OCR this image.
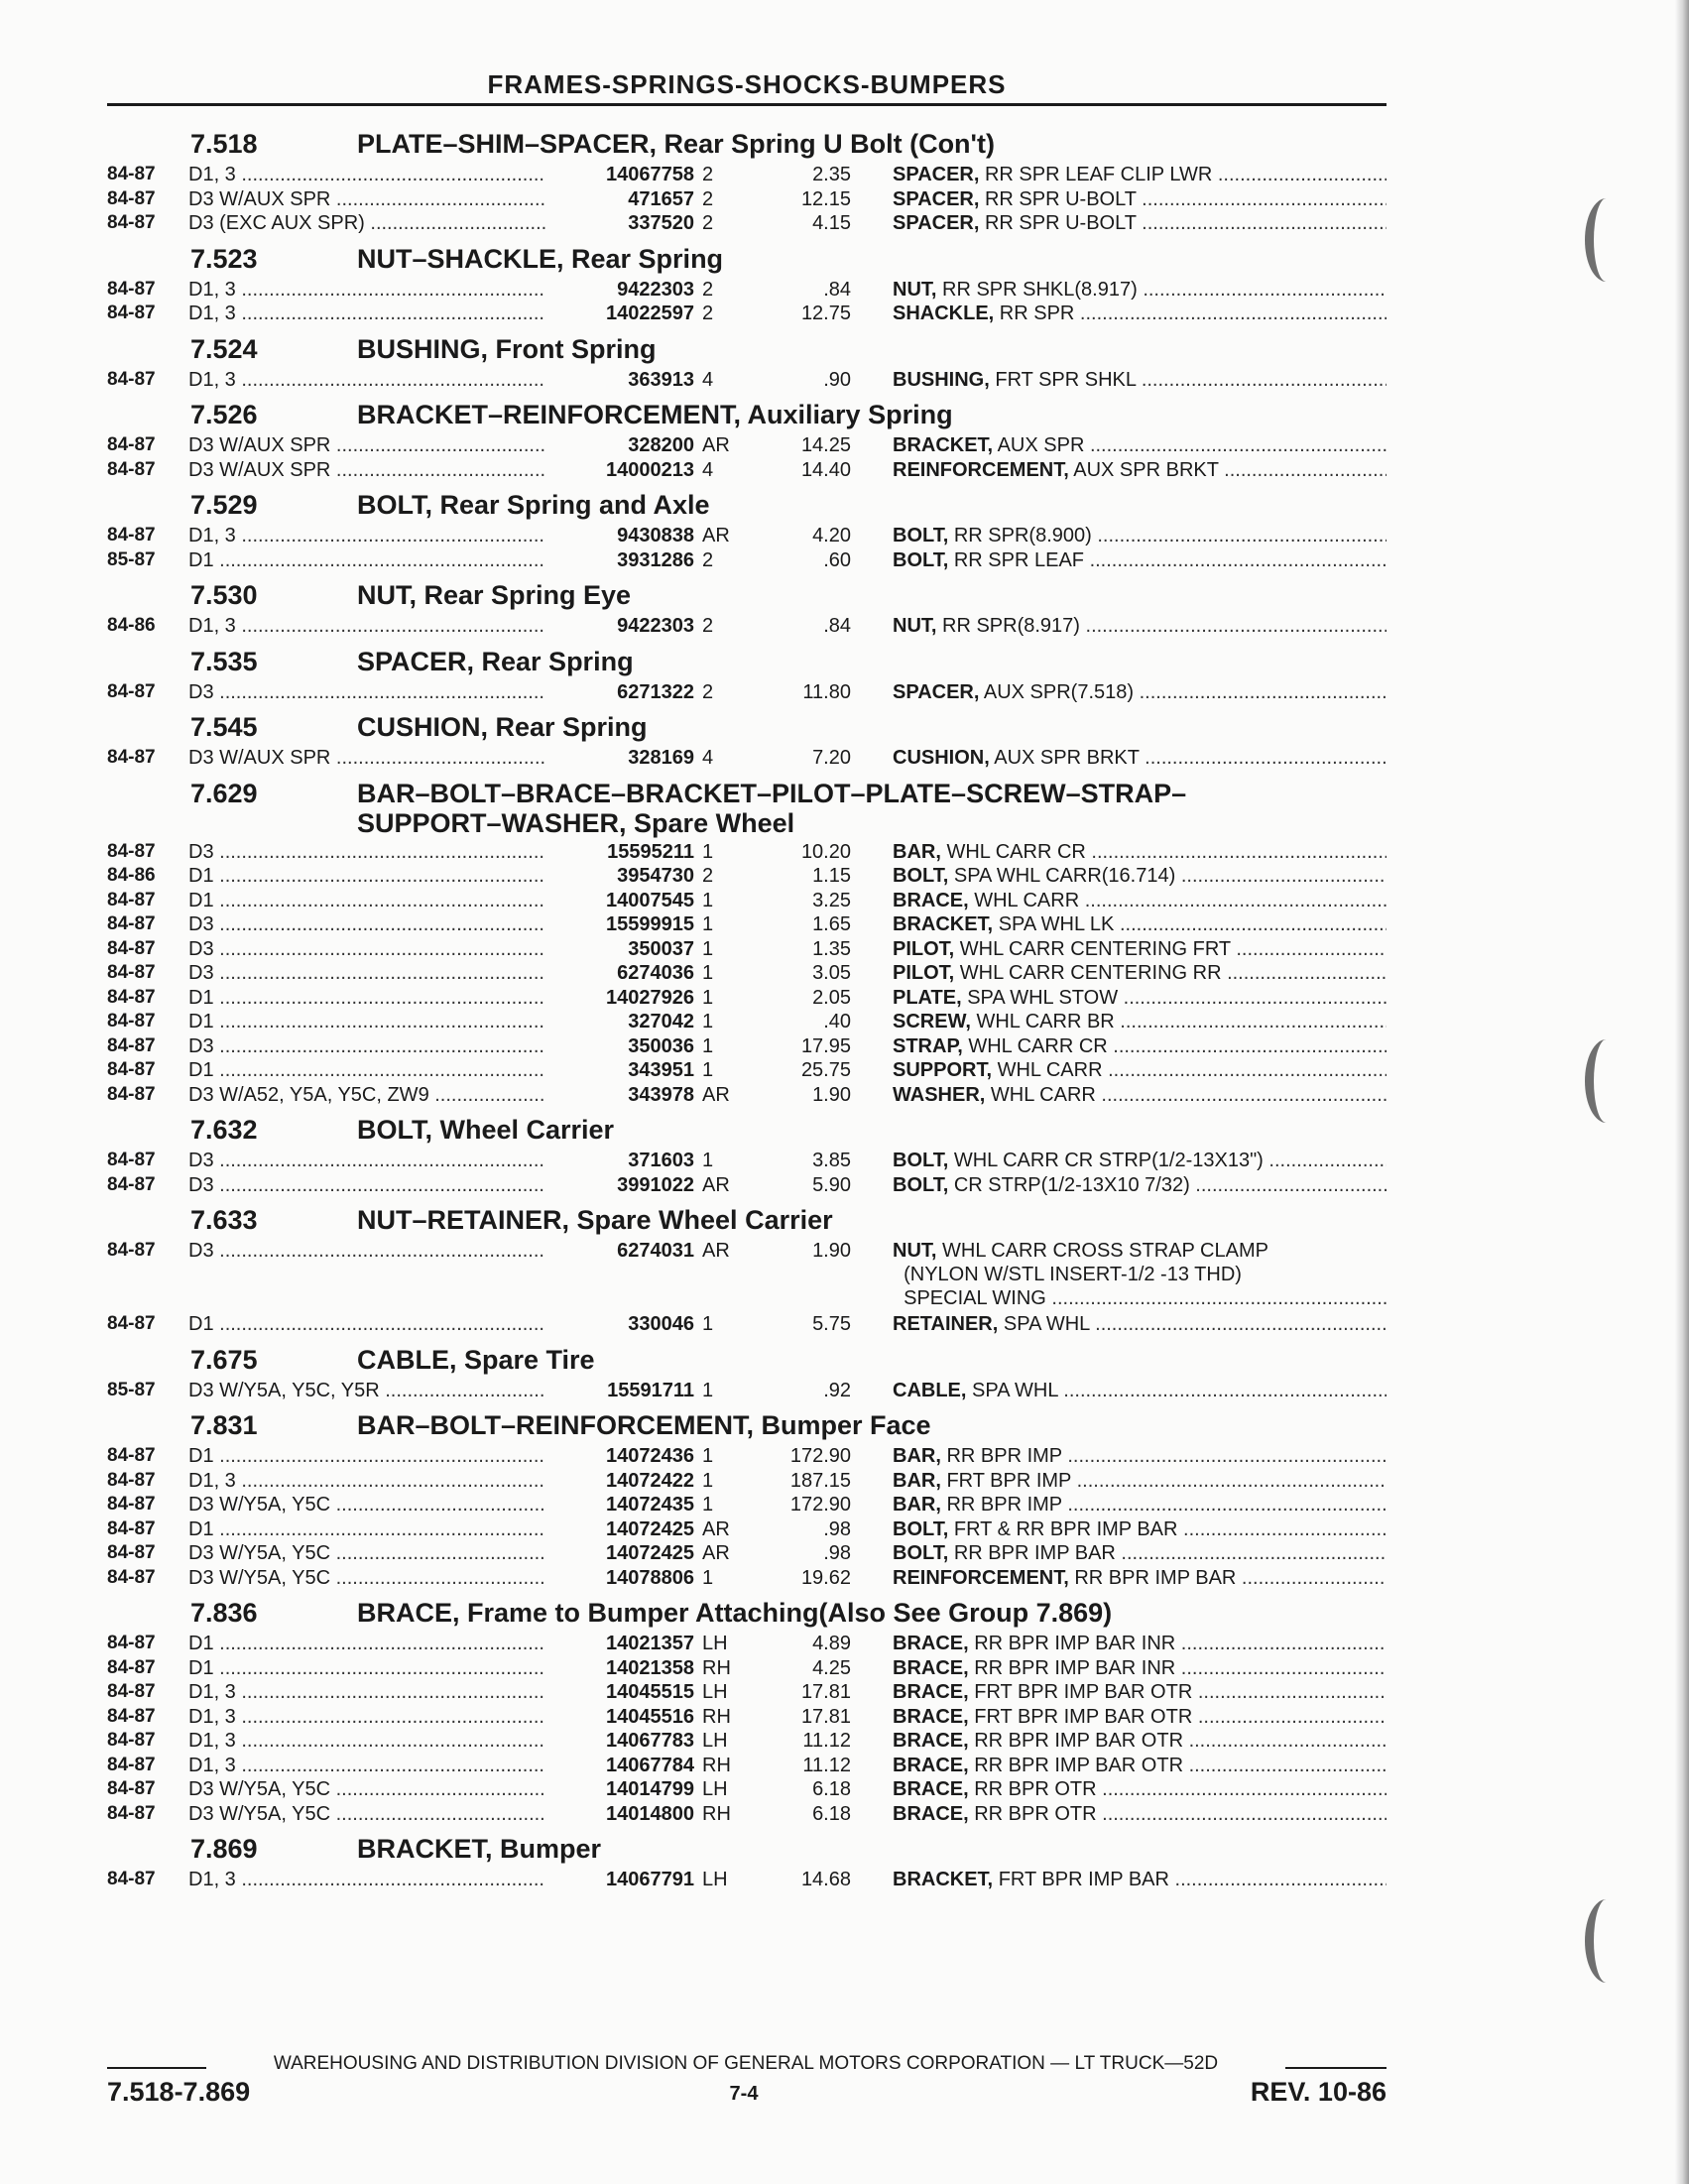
FRAMES-SPRINGS-SHOCKS-BUMPERS
7.518	PLATE–SHIM–SPACER, Rear Spring U Bolt (Con't)
84-87	D1, 3 .....	14067758 2	2.35 SPACER, RR SPR LEAF CLIP LWR .....
84-87	D3 W/AUX SPR .....	471657 2	12.15 SPACER, RR SPR U-BOLT .....
84-87	D3 (EXC AUX SPR) .....	337520 2	4.15 SPACER, RR SPR U-BOLT .....
7.523	NUT–SHACKLE, Rear Spring
84-87	D1, 3 .....	9422303 2	.84 NUT, RR SPR SHKL(8.917) .....
84-87	D1, 3 .....	14022597 2	12.75 SHACKLE, RR SPR .....
7.524	BUSHING, Front Spring
84-87	D1, 3 .....	363913 4	.90 BUSHING, FRT SPR SHKL .....
7.526	BRACKET–REINFORCEMENT, Auxiliary Spring
84-87	D3 W/AUX SPR .....	328200 AR	14.25 BRACKET, AUX SPR .....
84-87	D3 W/AUX SPR .....	14000213 4	14.40 REINFORCEMENT, AUX SPR BRKT .....
7.529	BOLT, Rear Spring and Axle
84-87	D1, 3 .....	9430838 AR	4.20 BOLT, RR SPR(8.900) .....
85-87	D1 .....	3931286 2	.60 BOLT, RR SPR LEAF .....
7.530	NUT, Rear Spring Eye
84-86	D1, 3 .....	9422303 2	.84 NUT, RR SPR(8.917) .....
7.535	SPACER, Rear Spring
84-87	D3 .....	6271322 2	11.80 SPACER, AUX SPR(7.518) .....
7.545	CUSHION, Rear Spring
84-87	D3 W/AUX SPR .....	328169 4	7.20 CUSHION, AUX SPR BRKT .....
7.629	BAR–BOLT–BRACE–BRACKET–PILOT–PLATE–SCREW–STRAP–
SUPPORT–WASHER, Spare Wheel
84-87	D3 .....	15595211 1	10.20 BAR, WHL CARR CR .....
84-86	D1 .....	3954730 2	1.15 BOLT, SPA WHL CARR(16.714) .....
84-87	D1 .....	14007545 1	3.25 BRACE, WHL CARR .....
84-87	D3 .....	15599915 1	1.65 BRACKET, SPA WHL LK .....
84-87	D3 .....	350037 1	1.35 PILOT, WHL CARR CENTERING FRT .....
84-87	D3 .....	6274036 1	3.05 PILOT, WHL CARR CENTERING RR .....
84-87	D1 .....	14027926 1	2.05 PLATE, SPA WHL STOW .....
84-87	D1 .....	327042 1	.40 SCREW, WHL CARR BR .....
84-87	D3 .....	350036 1	17.95 STRAP, WHL CARR CR .....
84-87	D1 .....	343951 1	25.75 SUPPORT, WHL CARR .....
84-87	D3 W/A52, Y5A, Y5C, ZW9 .....	343978 AR	1.90 WASHER, WHL CARR .....
7.632	BOLT, Wheel Carrier
84-87	D3 .....	371603 1	3.85 BOLT, WHL CARR CR STRP(1/2-13X13") .....
84-87	D3 .....	3991022 AR	5.90 BOLT, CR STRP(1/2-13X10 7/32) .....
7.633	NUT–RETAINER, Spare Wheel Carrier
84-87	D3 .....	6274031 AR	1.90 NUT, WHL CARR CROSS STRAP CLAMP
(NYLON W/STL INSERT-1/2 -13 THD)
SPECIAL WING .....
84-87	D1 .....	330046 1	5.75 RETAINER, SPA WHL .....
7.675	CABLE, Spare Tire
85-87	D3 W/Y5A, Y5C, Y5R .....	15591711 1	.92 CABLE, SPA WHL .....
7.831	BAR–BOLT–REINFORCEMENT, Bumper Face
84-87	D1 .....	14072436 1	172.90 BAR, RR BPR IMP .....
84-87	D1, 3 .....	14072422 1	187.15 BAR, FRT BPR IMP .....
84-87	D3 W/Y5A, Y5C .....	14072435 1	172.90 BAR, RR BPR IMP .....
84-87	D1 .....	14072425 AR	.98 BOLT, FRT & RR BPR IMP BAR .....
84-87	D3 W/Y5A, Y5C .....	14072425 AR	.98 BOLT, RR BPR IMP BAR .....
84-87	D3 W/Y5A, Y5C .....	14078806 1	19.62 REINFORCEMENT, RR BPR IMP BAR .....
7.836	BRACE, Frame to Bumper Attaching(Also See Group 7.869)
84-87	D1 .....	14021357 LH	4.89 BRACE, RR BPR IMP BAR INR .....
84-87	D1 .....	14021358 RH	4.25 BRACE, RR BPR IMP BAR INR .....
84-87	D1, 3 .....	14045515 LH	17.81 BRACE, FRT BPR IMP BAR OTR .....
84-87	D1, 3 .....	14045516 RH	17.81 BRACE, FRT BPR IMP BAR OTR .....
84-87	D1, 3 .....	14067783 LH	11.12 BRACE, RR BPR IMP BAR OTR .....
84-87	D1, 3 .....	14067784 RH	11.12 BRACE, RR BPR IMP BAR OTR .....
84-87	D3 W/Y5A, Y5C .....	14014799 LH	6.18 BRACE, RR BPR OTR .....
84-87	D3 W/Y5A, Y5C .....	14014800 RH	6.18 BRACE, RR BPR OTR .....
7.869	BRACKET, Bumper
84-87	D1, 3 .....	14067791 LH	14.68 BRACKET, FRT BPR IMP BAR .....
WAREHOUSING AND DISTRIBUTION DIVISION OF GENERAL MOTORS CORPORATION — LT TRUCK—52D
7.518-7.869	7-4	REV. 10-86
